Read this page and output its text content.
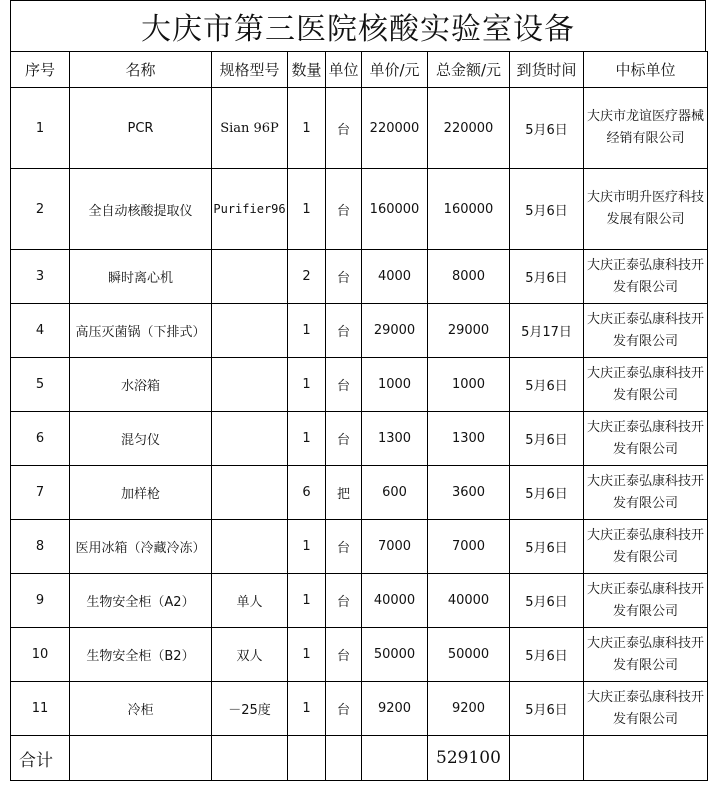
大庆市第三医院核酸实验室设备
序号	名称	规格型号	数量	单位	单价/元	总金额/元	到货时间	中标单位
1	PCR	Sian 96P	1	台	220000	220000	5月6日	大庆市龙谊医疗器械经销有限公司
2	全自动核酸提取仪	Purifier96	1	台	160000	160000	5月6日	大庆市明升医疗科技发展有限公司
3	瞬时离心机		2	台	4000	8000	5月6日	大庆正泰弘康科技开发有限公司
4	高压灭菌锅（下排式）		1	台	29000	29000	5月17日	大庆正泰弘康科技开发有限公司
5	水浴箱		1	台	1000	1000	5月6日	大庆正泰弘康科技开发有限公司
6	混匀仪		1	台	1300	1300	5月6日	大庆正泰弘康科技开发有限公司
7	加样枪		6	把	600	3600	5月6日	大庆正泰弘康科技开发有限公司
8	医用冰箱（冷藏冷冻）		1	台	7000	7000	5月6日	大庆正泰弘康科技开发有限公司
9	生物安全柜（A2）	单人	1	台	40000	40000	5月6日	大庆正泰弘康科技开发有限公司
10	生物安全柜（B2）	双人	1	台	50000	50000	5月6日	大庆正泰弘康科技开发有限公司
11	冷柜	－25度	1	台	9200	9200	5月6日	大庆正泰弘康科技开发有限公司
合计						529100		
